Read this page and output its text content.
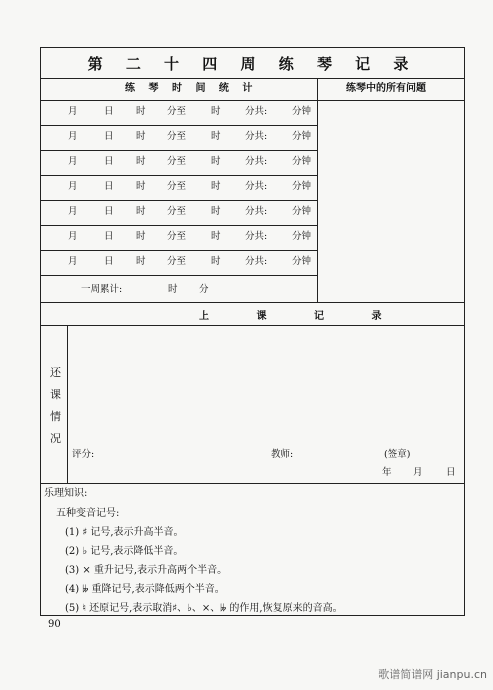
第 二 十 四 周 练 琴 记 录
练 琴 时 间 统 计	练琴中的所有问题
月	日 时 分至	时	分共:	分钟
月	日 时 分至	时	分共:	分钟
月	日 时 分至	时	分共:	分钟
月	日 时 分至	时	分共:	分钟
月	日 时 分至	时	分共:	分钟
月	日 时 分至	时	分共:	分钟
月	日 时 分至	时	分共:	分钟
一周累计:	时 分
上 课 记 录
还
课
情
况
评分:	教师:	(签章)
年 月 日
乐理知识:
五种变音记号:
(1) ♯ 记号,表示升高半音。
(2) ♭ 记号,表示降低半音。
(3) × 重升记号,表示升高两个半音。
(4) 𝄫 重降记号,表示降低两个半音。
(5) ♮ 还原记号,表示取消♯、♭、×、𝄫 的作用,恢复原来的音高。
90
歌谱简谱网 jianpu.cn
